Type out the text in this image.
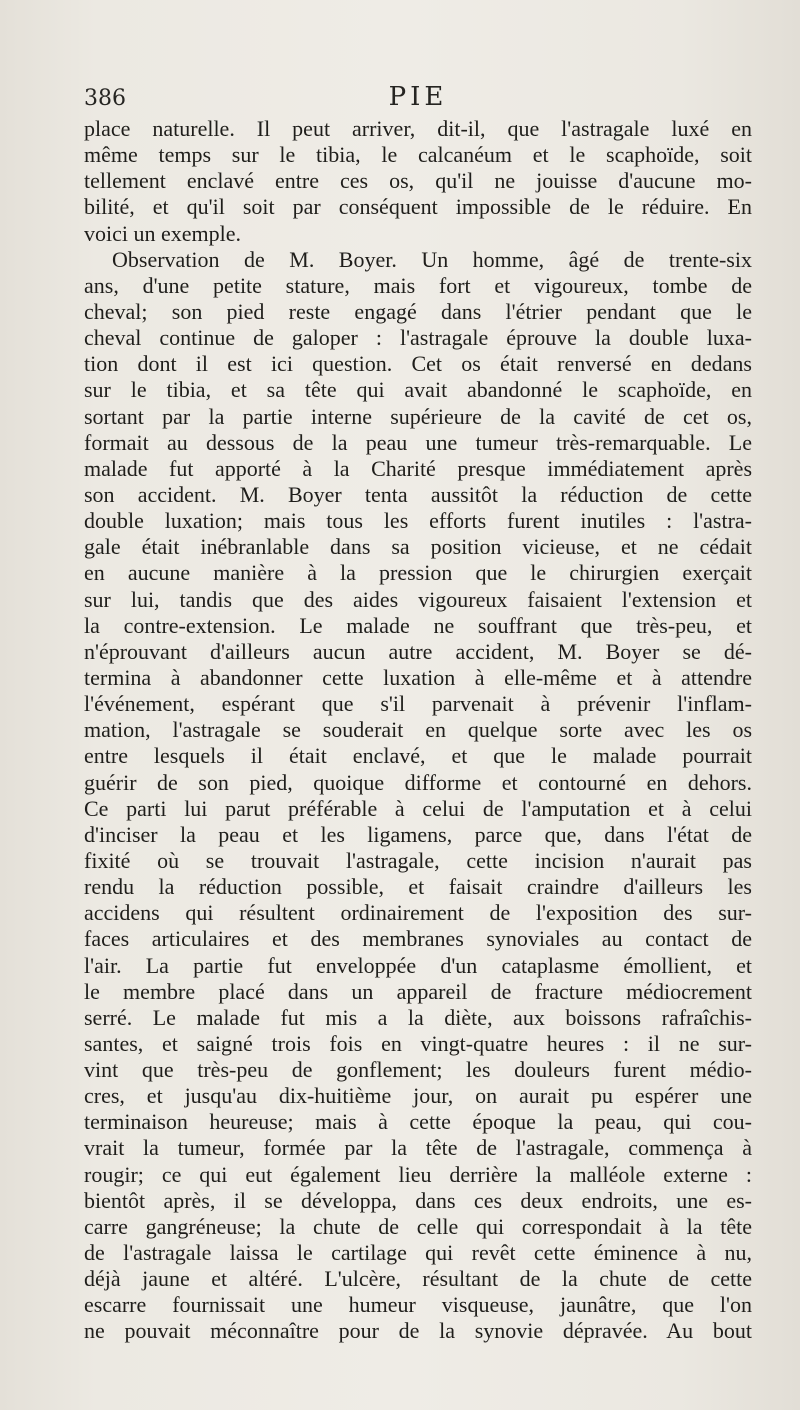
386	PIE
place naturelle. Il peut arriver, dit-il, que l'astragale luxé en
même temps sur le tibia, le calcanéum et le scaphoïde, soit
tellement enclavé entre ces os, qu'il ne jouisse d'aucune mo-
bilité, et qu'il soit par conséquent impossible de le réduire. En
voici un exemple.
Observation de M. Boyer. Un homme, âgé de trente-six
ans, d'une petite stature, mais fort et vigoureux, tombe de
cheval; son pied reste engagé dans l'étrier pendant que le
cheval continue de galoper : l'astragale éprouve la double luxa-
tion dont il est ici question. Cet os était renversé en dedans
sur le tibia, et sa tête qui avait abandonné le scaphoïde, en
sortant par la partie interne supérieure de la cavité de cet os,
formait au dessous de la peau une tumeur très-remarquable. Le
malade fut apporté à la Charité presque immédiatement après
son accident. M. Boyer tenta aussitôt la réduction de cette
double luxation; mais tous les efforts furent inutiles : l'astra-
gale était inébranlable dans sa position vicieuse, et ne cédait
en aucune manière à la pression que le chirurgien exerçait
sur lui, tandis que des aides vigoureux faisaient l'extension et
la contre-extension. Le malade ne souffrant que très-peu, et
n'éprouvant d'ailleurs aucun autre accident, M. Boyer se dé-
termina à abandonner cette luxation à elle-même et à attendre
l'événement, espérant que s'il parvenait à prévenir l'inflam-
mation, l'astragale se souderait en quelque sorte avec les os
entre lesquels il était enclavé, et que le malade pourrait
guérir de son pied, quoique difforme et contourné en dehors.
Ce parti lui parut préférable à celui de l'amputation et à celui
d'inciser la peau et les ligamens, parce que, dans l'état de
fixité où se trouvait l'astragale, cette incision n'aurait pas
rendu la réduction possible, et faisait craindre d'ailleurs les
accidens qui résultent ordinairement de l'exposition des sur-
faces articulaires et des membranes synoviales au contact de
l'air. La partie fut enveloppée d'un cataplasme émollient, et
le membre placé dans un appareil de fracture médiocrement
serré. Le malade fut mis a la diète, aux boissons rafraîchis-
santes, et saigné trois fois en vingt-quatre heures : il ne sur-
vint que très-peu de gonflement; les douleurs furent médio-
cres, et jusqu'au dix-huitième jour, on aurait pu espérer une
terminaison heureuse; mais à cette époque la peau, qui cou-
vrait la tumeur, formée par la tête de l'astragale, commença à
rougir; ce qui eut également lieu derrière la malléole externe :
bientôt après, il se développa, dans ces deux endroits, une es-
carre gangréneuse; la chute de celle qui correspondait à la tête
de l'astragale laissa le cartilage qui revêt cette éminence à nu,
déjà jaune et altéré. L'ulcère, résultant de la chute de cette
escarre fournissait une humeur visqueuse, jaunâtre, que l'on
ne pouvait méconnaître pour de la synovie dépravée. Au bout
